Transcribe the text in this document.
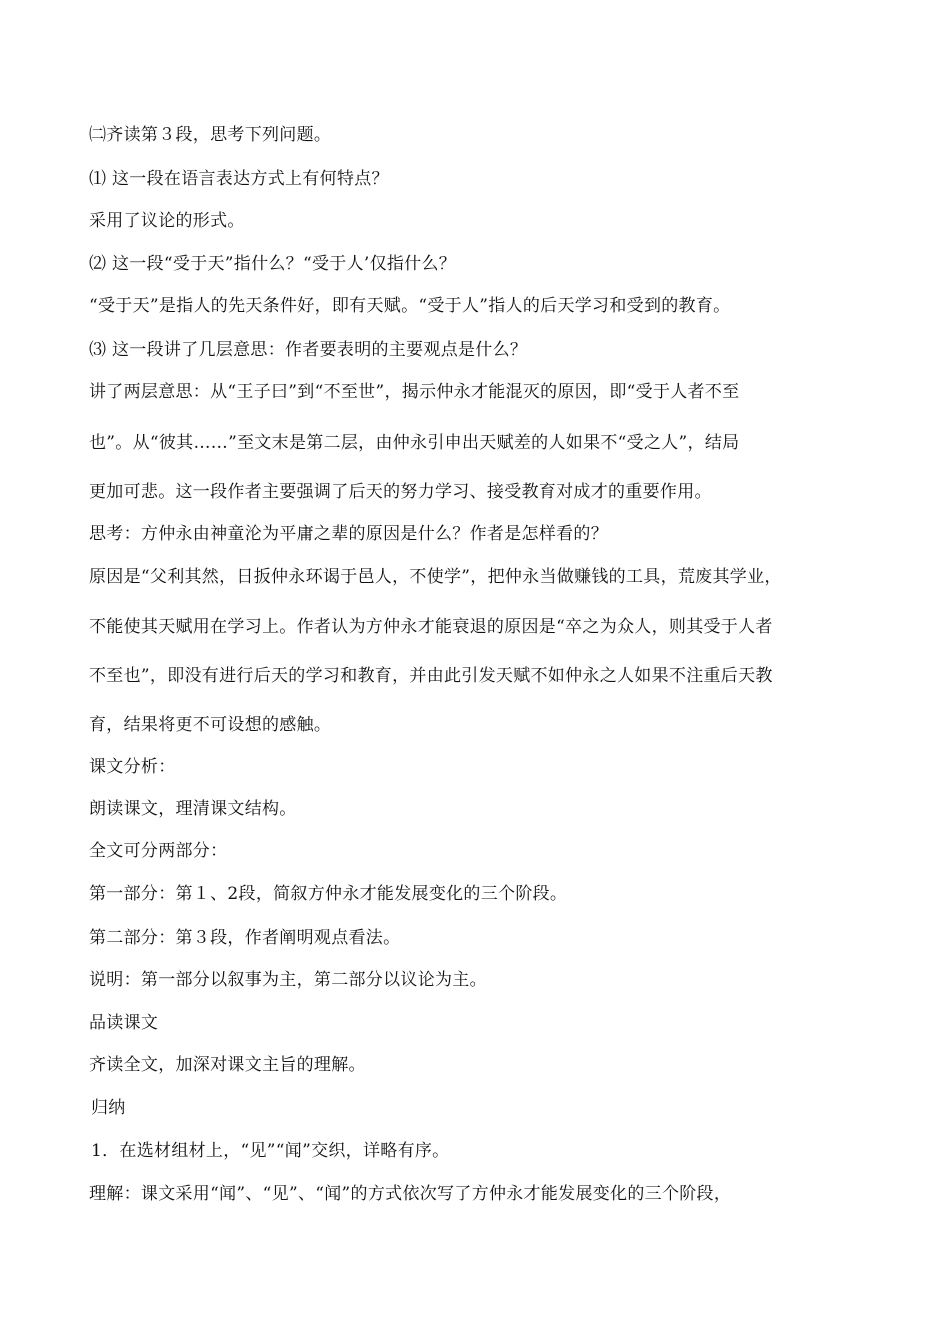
㈡齐读第３段，思考下列问题。
⑴ 这一段在语言表达方式上有何特点？
采用了议论的形式。
⑵ 这一段“受于天”指什么？“受于人’仅指什么？
“受于天”是指人的先天条件好，即有天赋。“受于人”指人的后天学习和受到的教育。
⑶ 这一段讲了几层意思：作者要表明的主要观点是什么？
讲了两层意思：从“王子曰”到“不至世”，揭示仲永才能混灭的原因，即“受于人者不至
也”。从“彼其……”至文末是第二层，由仲永引申出天赋差的人如果不“受之人”，结局
更加可悲。这一段作者主要强调了后天的努力学习、接受教育对成才的重要作用。
思考：方仲永由神童沦为平庸之辈的原因是什么？作者是怎样看的？
原因是“父利其然，日扳仲永环谒于邑人，不使学”，把仲永当做赚钱的工具，荒废其学业，
不能使其天赋用在学习上。作者认为方仲永才能衰退的原因是“卒之为众人，则其受于人者
不至也”，即没有进行后天的学习和教育，并由此引发天赋不如仲永之人如果不注重后天教
育，结果将更不可设想的感触。
课文分析：
朗读课文，理清课文结构。
全文可分两部分：
第一部分：第１、2段，简叙方仲永才能发展变化的三个阶段。
第二部分：第３段，作者阐明观点看法。
说明：第一部分以叙事为主，第二部分以议论为主。
品读课文
齐读全文，加深对课文主旨的理解。
归纳
1．在选材组材上，“见”“闻”交织，详略有序。
理解：课文采用“闻”、“见”、“闻”的方式依次写了方仲永才能发展变化的三个阶段，
